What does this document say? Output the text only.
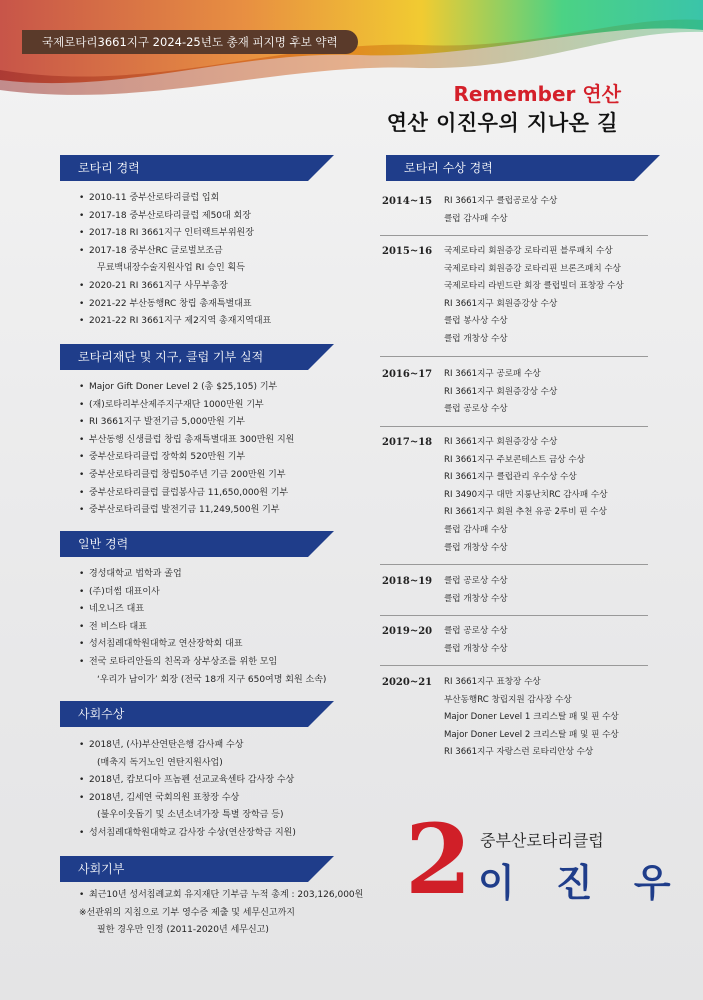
국제로타리3661지구 2024-25년도 총재 피지명 후보 약력
Remember 연산
연산 이진우의 지나온 길
로타리 경력
• 2010-11 중부산로타리클럽 입회
• 2017-18 중부산로타리클럽 제50대 회장
• 2017-18 RI 3661지구 인터랙트부위원장
• 2017-18 중부산RC 글로벌보조금
무료백내장수술지원사업 RI 승인 획득
• 2020-21 RI 3661지구 사무부총장
• 2021-22 부산동행RC 창립 총재특별대표
• 2021-22 RI 3661지구 제2지역 총재지역대표
로타리재단 및 지구, 클럽 기부 실적
• Major Gift Doner Level 2 (총 $25,105) 기부
• (재)로타리부산제주지구재단 1000만원 기부
• RI 3661지구 발전기금 5,000만원 기부
• 부산동행 신생클럽 창립 총재특별대표 300만원 지원
• 중부산로타리클럽 장학회 520만원 기부
• 중부산로타리클럽 창립50주년 기금 200만원 기부
• 중부산로타리클럽 클럽봉사금 11,650,000원 기부
• 중부산로타리클럽 발전기금 11,249,500원 기부
일반 경력
• 경성대학교 법학과 졸업
• (주)더썸 대표이사
• 네오니즈 대표
• 전 비스타 대표
• 성서침례대학원대학교 연산장학회 대표
• 전국 로타리안들의 친목과 상부상조를 위한 모임
‘우리가 남이가’ 회장 (전국 18개 지구 650여명 회원 소속)
사회수상
• 2018년, (사)부산연탄은행 감사패 수상
(매축지 독거노인 연탄지원사업)
• 2018년, 캄보디아 프놈펜 선교교육센타 감사장 수상
• 2018년, 김세연 국회의원 표창장 수상
(불우이웃돕기 및 소년소녀가장 특별 장학금 등)
• 성서침례대학원대학교 감사장 수상(연산장학금 지원)
사회기부
• 최근10년 성서침례교회 유지재단 기부금 누적 총계 : 203,126,000원
※선관위의 지침으로 기부 영수증 제출 및 세무신고까지
필한 경우만 인정 (2011-2020년 세무신고)
로타리 수상 경력
2014~15 RI 3661지구 클럽공로상 수상
클럽 감사패 수상
2015~16 국제로타리 회원증강 로타리핀 블루패치 수상
국제로타리 회원증강 로타리핀 브론즈패치 수상
국제로타리 라빈드란 회장 클럽빌더 표창장 수상
RI 3661지구 회원증강상 수상
클럽 봉사상 수상
클럽 개창상 수상
2016~17 RI 3661지구 공로패 수상
RI 3661지구 회원증강상 수상
클럽 공로상 수상
2017~18 RI 3661지구 회원증강상 수상
RI 3661지구 주보콘테스트 금상 수상
RI 3661지구 클럽관리 우수상 수상
RI 3490지구 대만 지룽난치RC 감사패 수상
RI 3661지구 회원 추천 유공 2루비 핀 수상
클럽 감사패 수상
클럽 개창상 수상
2018~19 클럽 공로상 수상
클럽 개창상 수상
2019~20 클럽 공로상 수상
클럽 개창상 수상
2020~21 RI 3661지구 표창장 수상
부산동행RC 창립지원 감사장 수상
Major Doner Level 1 크리스탈 패 및 핀 수상
Major Doner Level 2 크리스탈 패 및 핀 수상
RI 3661지구 자랑스런 로타리안상 수상
2 중부산로타리클럽
이 진 우
